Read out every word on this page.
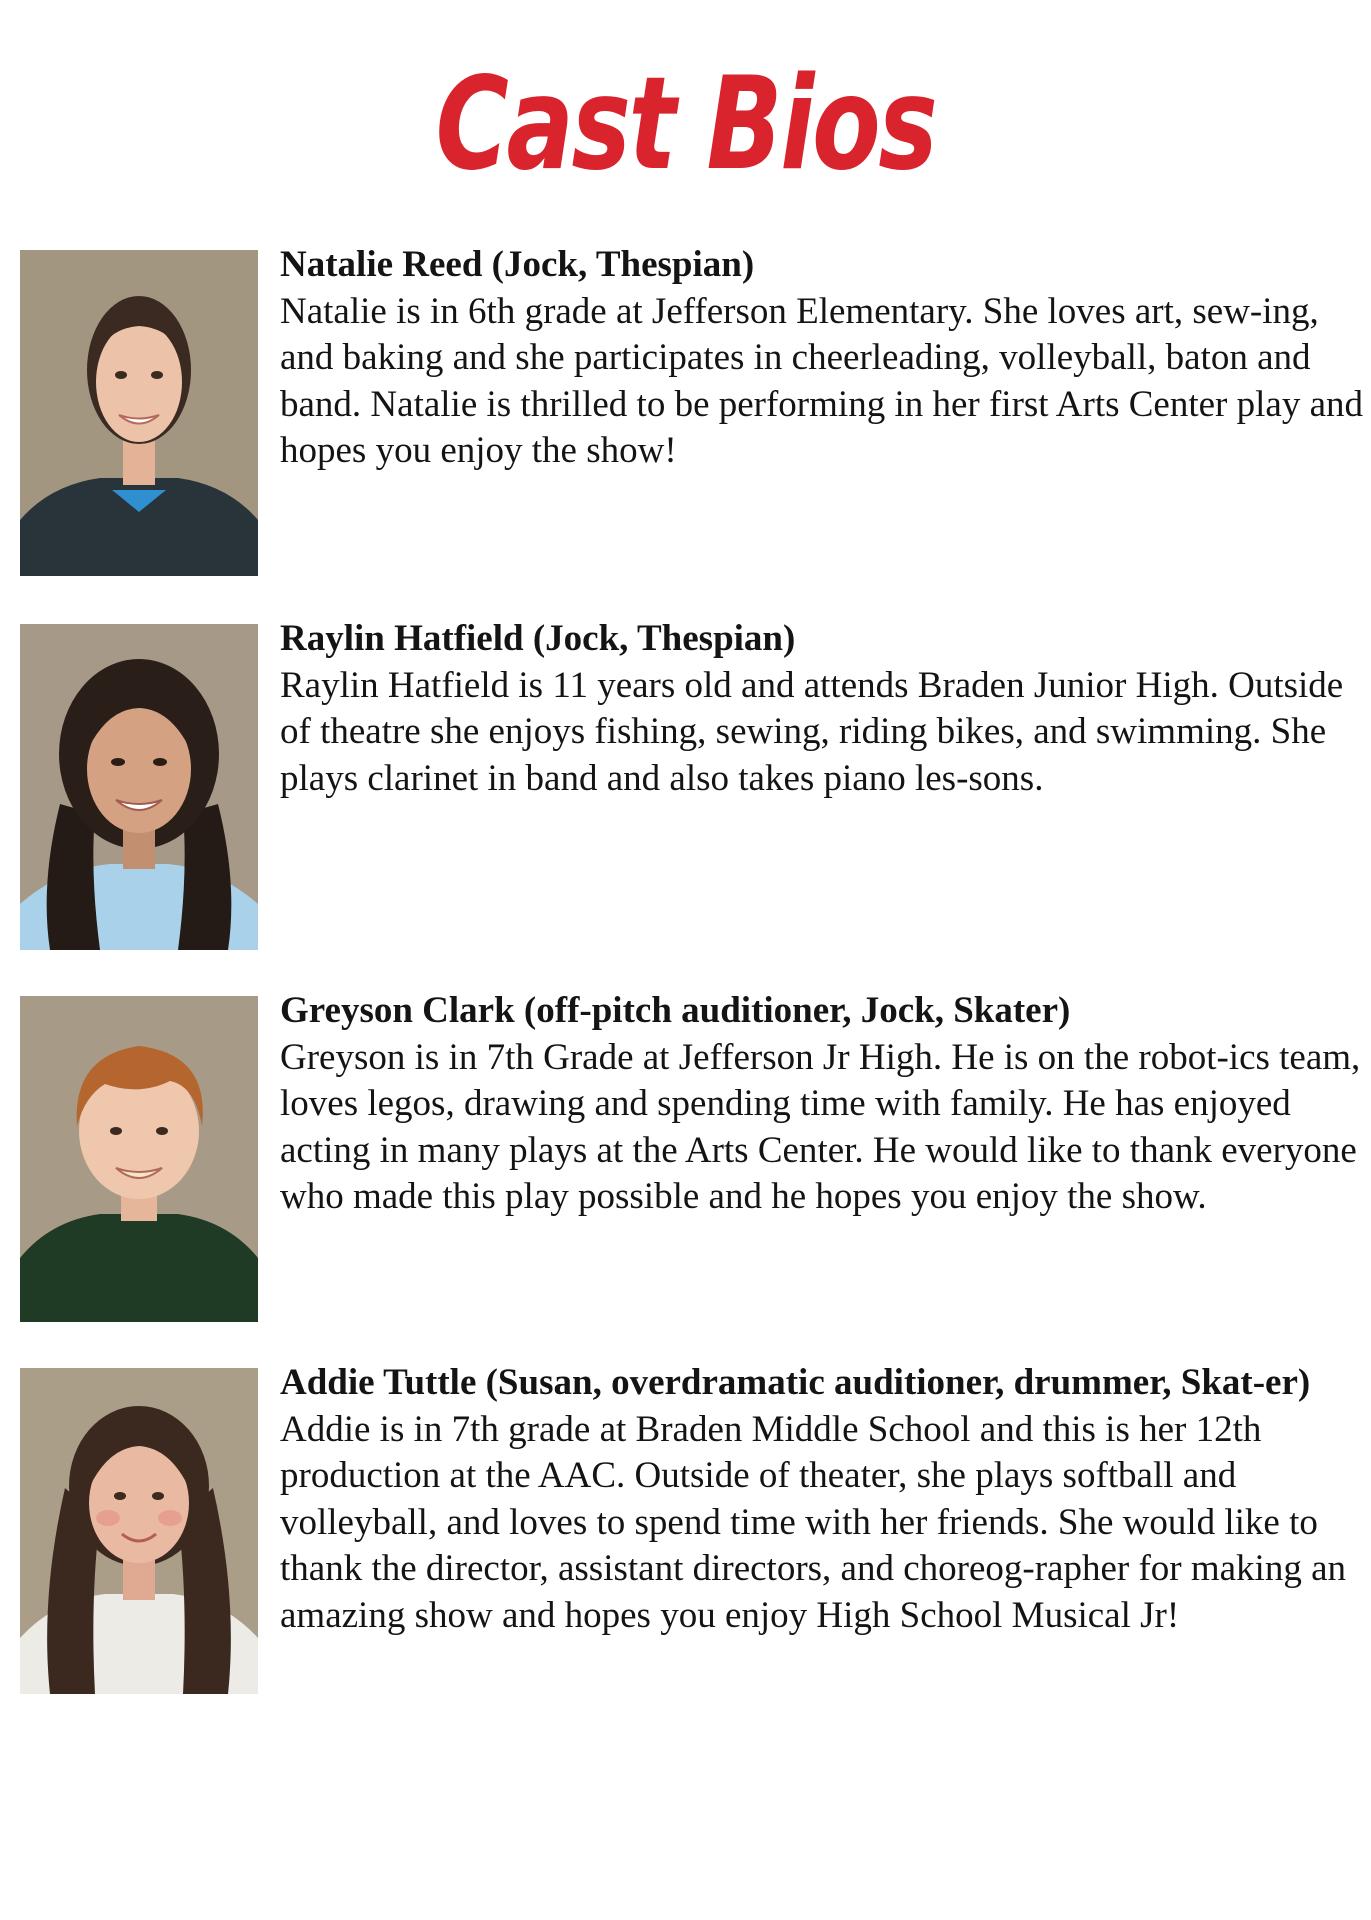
Cast Bios

Natalie Reed (Jock, Thespian)
Natalie is in 6th grade at Jefferson Elementary. She loves art, sew-ing, and baking and she participates in cheerleading, volleyball, baton and band. Natalie is thrilled to be performing in her first Arts Center play and hopes you enjoy the show!

Raylin Hatfield (Jock, Thespian)
Raylin Hatfield is 11 years old and attends Braden Junior High. Outside of theatre she enjoys fishing, sewing, riding bikes, and swimming. She plays clarinet in band and also takes piano les-sons.

Greyson Clark (off-pitch auditioner, Jock, Skater)
Greyson is in 7th Grade at Jefferson Jr High. He is on the robot-ics team, loves legos, drawing and spending time with family. He has enjoyed acting in many plays at the Arts Center. He would like to thank everyone who made this play possible and he hopes you enjoy the show.

Addie Tuttle (Susan, overdramatic auditioner, drummer, Skat-er) Addie is in 7th grade at Braden Middle School and this is her 12th production at the AAC. Outside of theater, she plays softball and volleyball, and loves to spend time with her friends. She would like to thank the director, assistant directors, and choreog-rapher for making an amazing show and hopes you enjoy High School Musical Jr!
